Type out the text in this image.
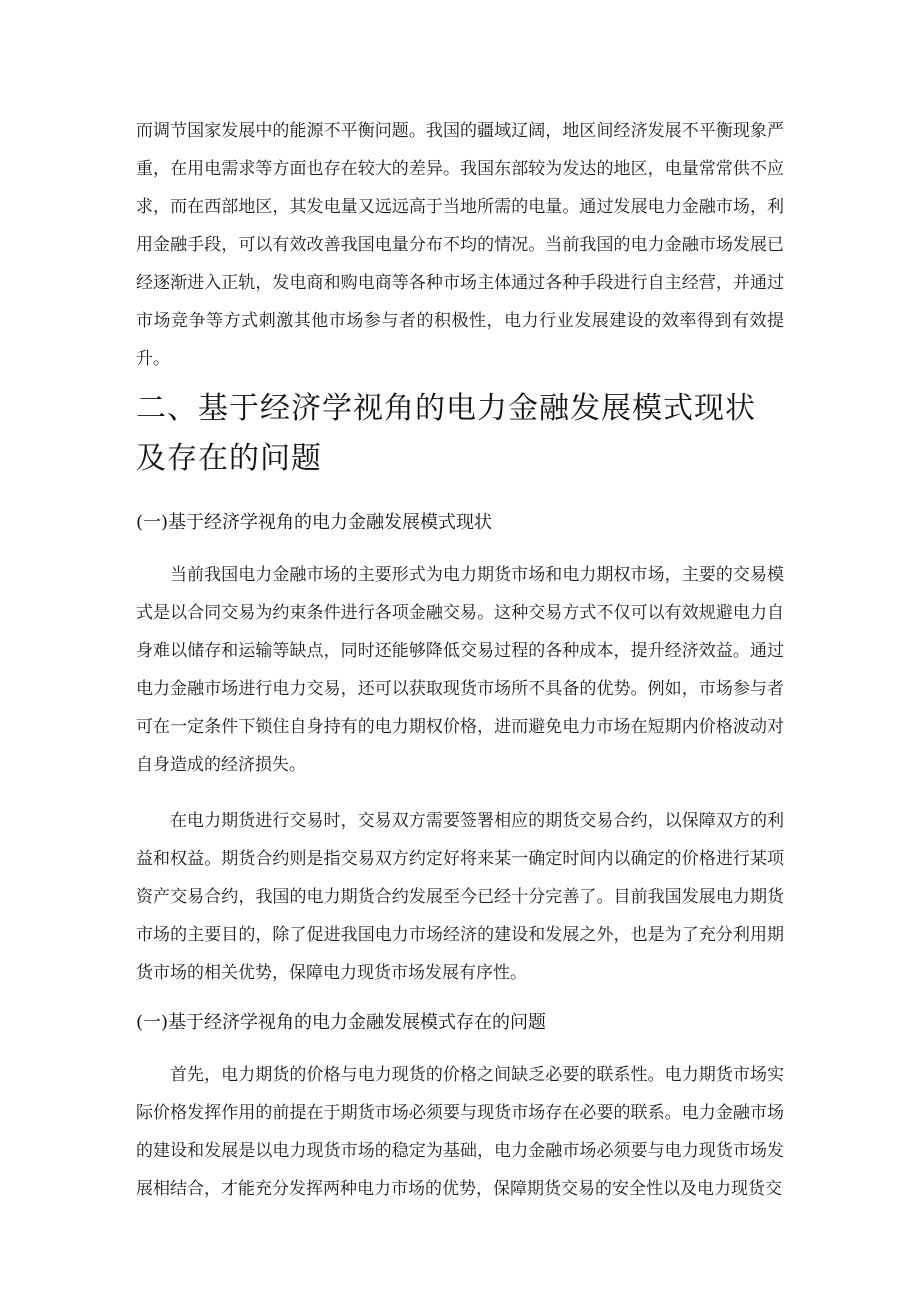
而调节国家发展中的能源不平衡问题。我国的疆域辽阔，地区间经济发展不平衡现象严重，在用电需求等方面也存在较大的差异。我国东部较为发达的地区，电量常常供不应求，而在西部地区，其发电量又远远高于当地所需的电量。通过发展电力金融市场，利用金融手段，可以有效改善我国电量分布不均的情况。当前我国的电力金融市场发展已经逐渐进入正轨，发电商和购电商等各种市场主体通过各种手段进行自主经营，并通过市场竞争等方式刺激其他市场参与者的积极性，电力行业发展建设的效率得到有效提升。

二、基于经济学视角的电力金融发展模式现状及存在的问题
(一)基于经济学视角的电力金融发展模式现状

当前我国电力金融市场的主要形式为电力期货市场和电力期权市场，主要的交易模式是以合同交易为约束条件进行各项金融交易。这种交易方式不仅可以有效规避电力自身难以储存和运输等缺点，同时还能够降低交易过程的各种成本，提升经济效益。通过电力金融市场进行电力交易，还可以获取现货市场所不具备的优势。例如，市场参与者可在一定条件下锁住自身持有的电力期权价格，进而避免电力市场在短期内价格波动对自身造成的经济损失。

在电力期货进行交易时，交易双方需要签署相应的期货交易合约，以保障双方的利益和权益。期货合约则是指交易双方约定好将来某一确定时间内以确定的价格进行某项资产交易合约，我国的电力期货合约发展至今已经十分完善了。目前我国发展电力期货市场的主要目的，除了促进我国电力市场经济的建设和发展之外，也是为了充分利用期货市场的相关优势，保障电力现货市场发展有序性。

(一)基于经济学视角的电力金融发展模式存在的问题

首先，电力期货的价格与电力现货的价格之间缺乏必要的联系性。电力期货市场实际价格发挥作用的前提在于期货市场必须要与现货市场存在必要的联系。电力金融市场的建设和发展是以电力现货市场的稳定为基础，电力金融市场必须要与电力现货市场发展相结合，才能充分发挥两种电力市场的优势，保障期货交易的安全性以及电力现货交
